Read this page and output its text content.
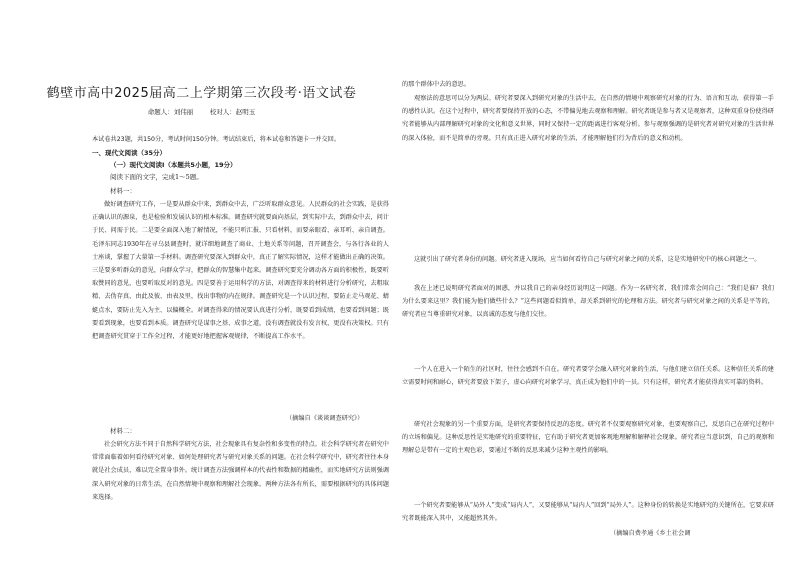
鹤壁市高中2025届高二上学期第三次段考·语文试卷
命题人：刘伟丽        校对人：赵明玉
本试卷共23题，共150分，考试时间150分钟。考试结束后，将本试卷和答题卡一并交回。
一、现代文阅读（35分）
（一）现代文阅读I（本题共5小题，19分）
阅读下面的文字，完成1～5题。
材料一：

做好调查研究工作，一是要从群众中来，到群众中去，广泛听取群众意见。人民群众的社会实践，是获得正确认识的源泉，也是检验和发展认识的根本标准。调查研究就要面向基层，到实际中去，到群众中去，问计于民、问需于民。二是要全面深入地了解情况，不能只听汇报、只看材料，而要亲眼看、亲耳听、亲自调查。毛泽东同志1930年在寻乌县调查时，就详细地调查了商业、土地关系等问题，召开调查会，与各行各业的人士座谈，掌握了大量第一手材料。调查研究要深入到群众中，真正了解实际情况，这样才能做出正确的决策。三是要多听群众的意见，向群众学习，把群众的智慧集中起来。调查研究要充分调动各方面的积极性，既要听取赞同的意见，也要听取反对的意见。四是要善于运用科学的方法，对调查得来的材料进行分析研究，去粗取精、去伪存真、由此及彼、由表及里，找出事物的内在规律。调查研究是一个认识过程，要防止走马观花、蜻蜓点水，要防止先入为主、以偏概全。对调查得来的情况要认真进行分析，既要看到成绩，也要看到问题；既要看到现象，也要看到本质。调查研究是谋事之基、成事之道，没有调查就没有发言权，更没有决策权。只有把调查研究贯穿于工作全过程，才能更好地把握客观规律，不断提高工作水平。

（摘编自《谈谈调查研究》）
材料二：

社会研究方法不同于自然科学研究方法，社会现象具有复杂性和多变性的特点。社会科学研究者在研究中常常面临着如何看待研究对象、如何处理研究者与研究对象关系的问题。在社会科学研究中，研究者往往本身就是社会成员，难以完全置身事外。统计调查方法强调样本的代表性和数据的精确性，而实地研究方法则强调深入研究对象的日常生活，在自然情境中观察和理解社会现象。两种方法各有所长，需要根据研究的具体问题来选择。

的那个群体中去的意思。

观察法的意思可以分为两层。研究者要深入到研究对象的生活中去，在自然的情境中观察研究对象的行为、语言和互动，获得第一手的感性认识。在这个过程中，研究者要保持开放的心态，不带偏见地去观察和理解。研究者既是参与者又是观察者，这种双重身份使得研究者能够从内部理解研究对象的文化和意义世界，同时又保持一定的距离进行客观分析。参与观察强调的是研究者对研究对象的生活世界的深入体验，而不是简单的旁观。只有真正进入研究对象的生活，才能理解他们行为背后的意义和动机。

这就引出了研究者身份的问题。研究者进入现场，应当如何看待自己与研究对象之间的关系，这是实地研究中的核心问题之一。

我在上述已说明研究者面对的困惑，并以我自己的亲身经历说明这一问题。作为一名研究者，我们常常会问自己：“我们是谁？我们为什么要来这里？我们能为他们做些什么？”这些问题看似简单，却关系到研究的伦理和方法。研究者与研究对象之间的关系是平等的，研究者应当尊重研究对象，以真诚的态度与他们交往。

一个人在进入一个陌生的社区时，往往会感到不自在。研究者要学会融入研究对象的生活，与他们建立信任关系。这种信任关系的建立需要时间和耐心，研究者要放下架子，虚心向研究对象学习，真正成为他们中的一员。只有这样，研究者才能获得真实可靠的资料。

研究社会现象的另一个重要方面，是研究者要保持反思的态度。研究者不仅要观察研究对象，也要观察自己，反思自己在研究过程中的立场和偏见。这种反思性是实地研究的重要特征，它有助于研究者更加客观地理解和解释社会现象。研究者应当意识到，自己的观察和理解总是带有一定的主观色彩，要通过不断的反思来减少这种主观性的影响。

一个研究者要能够从“局外人”变成“局内人”，又要能够从“局内人”回到“局外人”。这种身份的转换是实地研究的关键所在，它要求研究者既能深入其中，又能超然其外。

（摘编自费孝通《乡土社会调
